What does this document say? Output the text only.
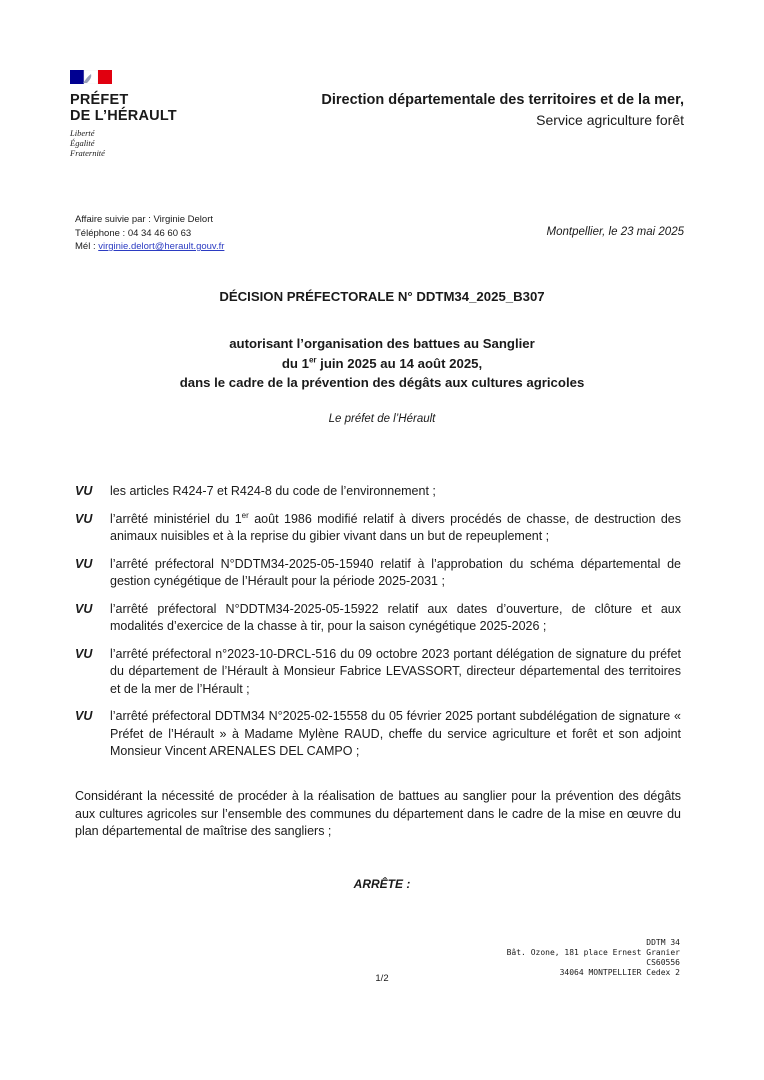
PRÉFET
DE L’HÉRAULT
Liberté
Égalité
Fraternité
Direction départementale des territoires et de la mer,
Service agriculture forêt
Affaire suivie par : Virginie Delort
Téléphone : 04 34 46 60 63
Mél : virginie.delort@herault.gouv.fr
Montpellier, le 23 mai 2025
DÉCISION PRÉFECTORALE N° DDTM34_2025_B307
autorisant l’organisation des battues au Sanglier
du 1er juin 2025 au 14 août 2025,
dans le cadre de la prévention des dégâts aux cultures agricoles
Le préfet de l’Hérault
VU	les articles R424-7 et R424-8 du code de l’environnement ;
VU	l’arrêté ministériel du 1er août 1986 modifié relatif à divers procédés de chasse, de destruction des animaux nuisibles et à la reprise du gibier vivant dans un but de repeuplement ;
VU	l’arrêté préfectoral N°DDTM34-2025-05-15940 relatif à l’approbation du schéma départemental de gestion cynégétique de l’Hérault pour la période 2025-2031 ;
VU	l’arrêté préfectoral N°DDTM34-2025-05-15922 relatif aux dates d’ouverture, de clôture et aux modalités d’exercice de la chasse à tir, pour la saison cynégétique 2025-2026 ;
VU	l’arrêté préfectoral n°2023-10-DRCL-516 du 09 octobre 2023 portant délégation de signature du préfet du département de l’Hérault à Monsieur Fabrice LEVASSORT, directeur départemental des territoires et de la mer de l’Hérault ;
VU	l’arrêté préfectoral DDTM34 N°2025-02-15558 du 05 février 2025 portant subdélégation de signature « Préfet de l’Hérault » à Madame Mylène RAUD, cheffe du service agriculture et forêt et son adjoint Monsieur Vincent ARENALES DEL CAMPO ;
Considérant la nécessité de procéder à la réalisation de battues au sanglier pour la prévention des dégâts aux cultures agricoles sur l’ensemble des communes du département dans le cadre de la mise en œuvre du plan départemental de maîtrise des sangliers ;
ARRÊTE :
DDTM 34
Bât. Ozone, 181 place Ernest Granier
CS60556
34064 MONTPELLIER Cedex 2
1/2
